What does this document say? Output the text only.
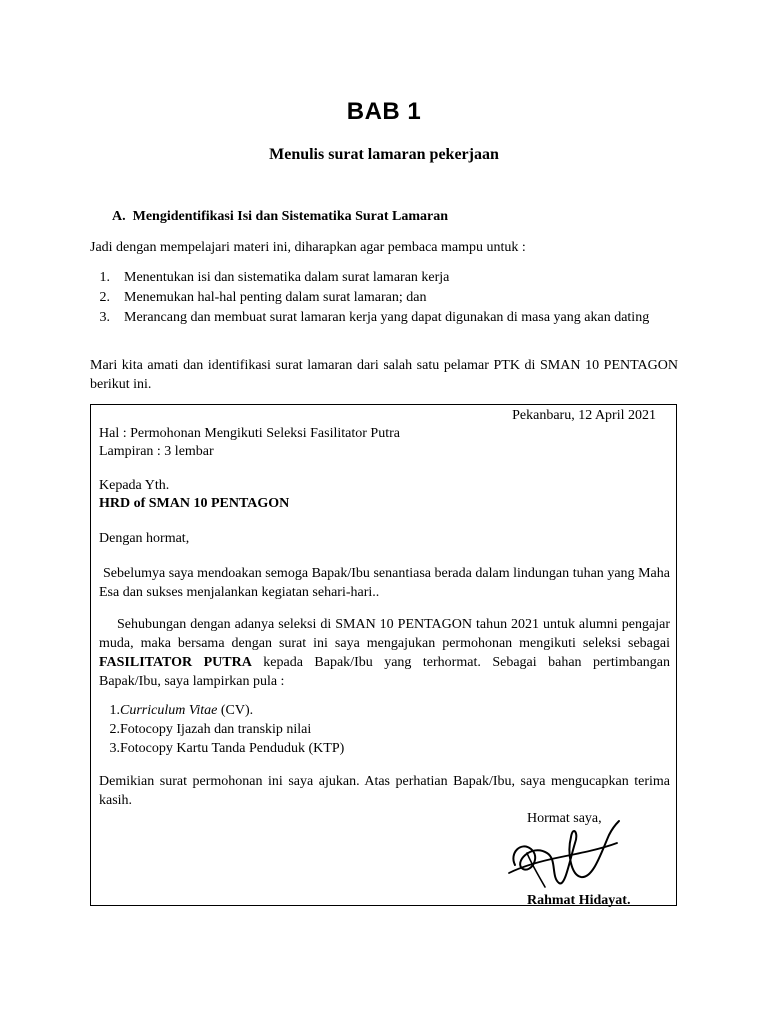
BAB 1
Menulis surat lamaran pekerjaan
A. Mengidentifikasi Isi dan Sistematika Surat Lamaran
Jadi dengan mempelajari materi ini, diharapkan agar pembaca mampu untuk :
1.	Menentukan isi dan sistematika dalam surat lamaran kerja
2.	Menemukan hal-hal penting dalam surat lamaran; dan
3.	Merancang dan membuat surat lamaran kerja yang dapat digunakan di masa yang akan dating
Mari kita amati dan identifikasi surat lamaran dari salah satu pelamar PTK di SMAN 10 PENTAGON berikut ini.
Pekanbaru, 12 April 2021
Hal : Permohonan Mengikuti Seleksi Fasilitator Putra
Lampiran : 3 lembar
Kepada Yth.
HRD of SMAN 10 PENTAGON
Dengan hormat,
Sebelumya saya mendoakan semoga Bapak/Ibu senantiasa berada dalam lindungan tuhan yang Maha Esa dan sukses menjalankan kegiatan sehari-hari..
Sehubungan dengan adanya seleksi di SMAN 10 PENTAGON tahun 2021 untuk alumni pengajar muda, maka bersama dengan surat ini saya mengajukan permohonan mengikuti seleksi sebagai FASILITATOR PUTRA kepada Bapak/Ibu yang terhormat. Sebagai bahan pertimbangan Bapak/Ibu, saya lampirkan pula :
1. Curriculum Vitae (CV).
2. Fotocopy Ijazah dan transkip nilai
3. Fotocopy Kartu Tanda Penduduk (KTP)
Demikian surat permohonan ini saya ajukan. Atas perhatian Bapak/Ibu, saya mengucapkan terima kasih.
Hormat saya,
Rahmat Hidayat.
